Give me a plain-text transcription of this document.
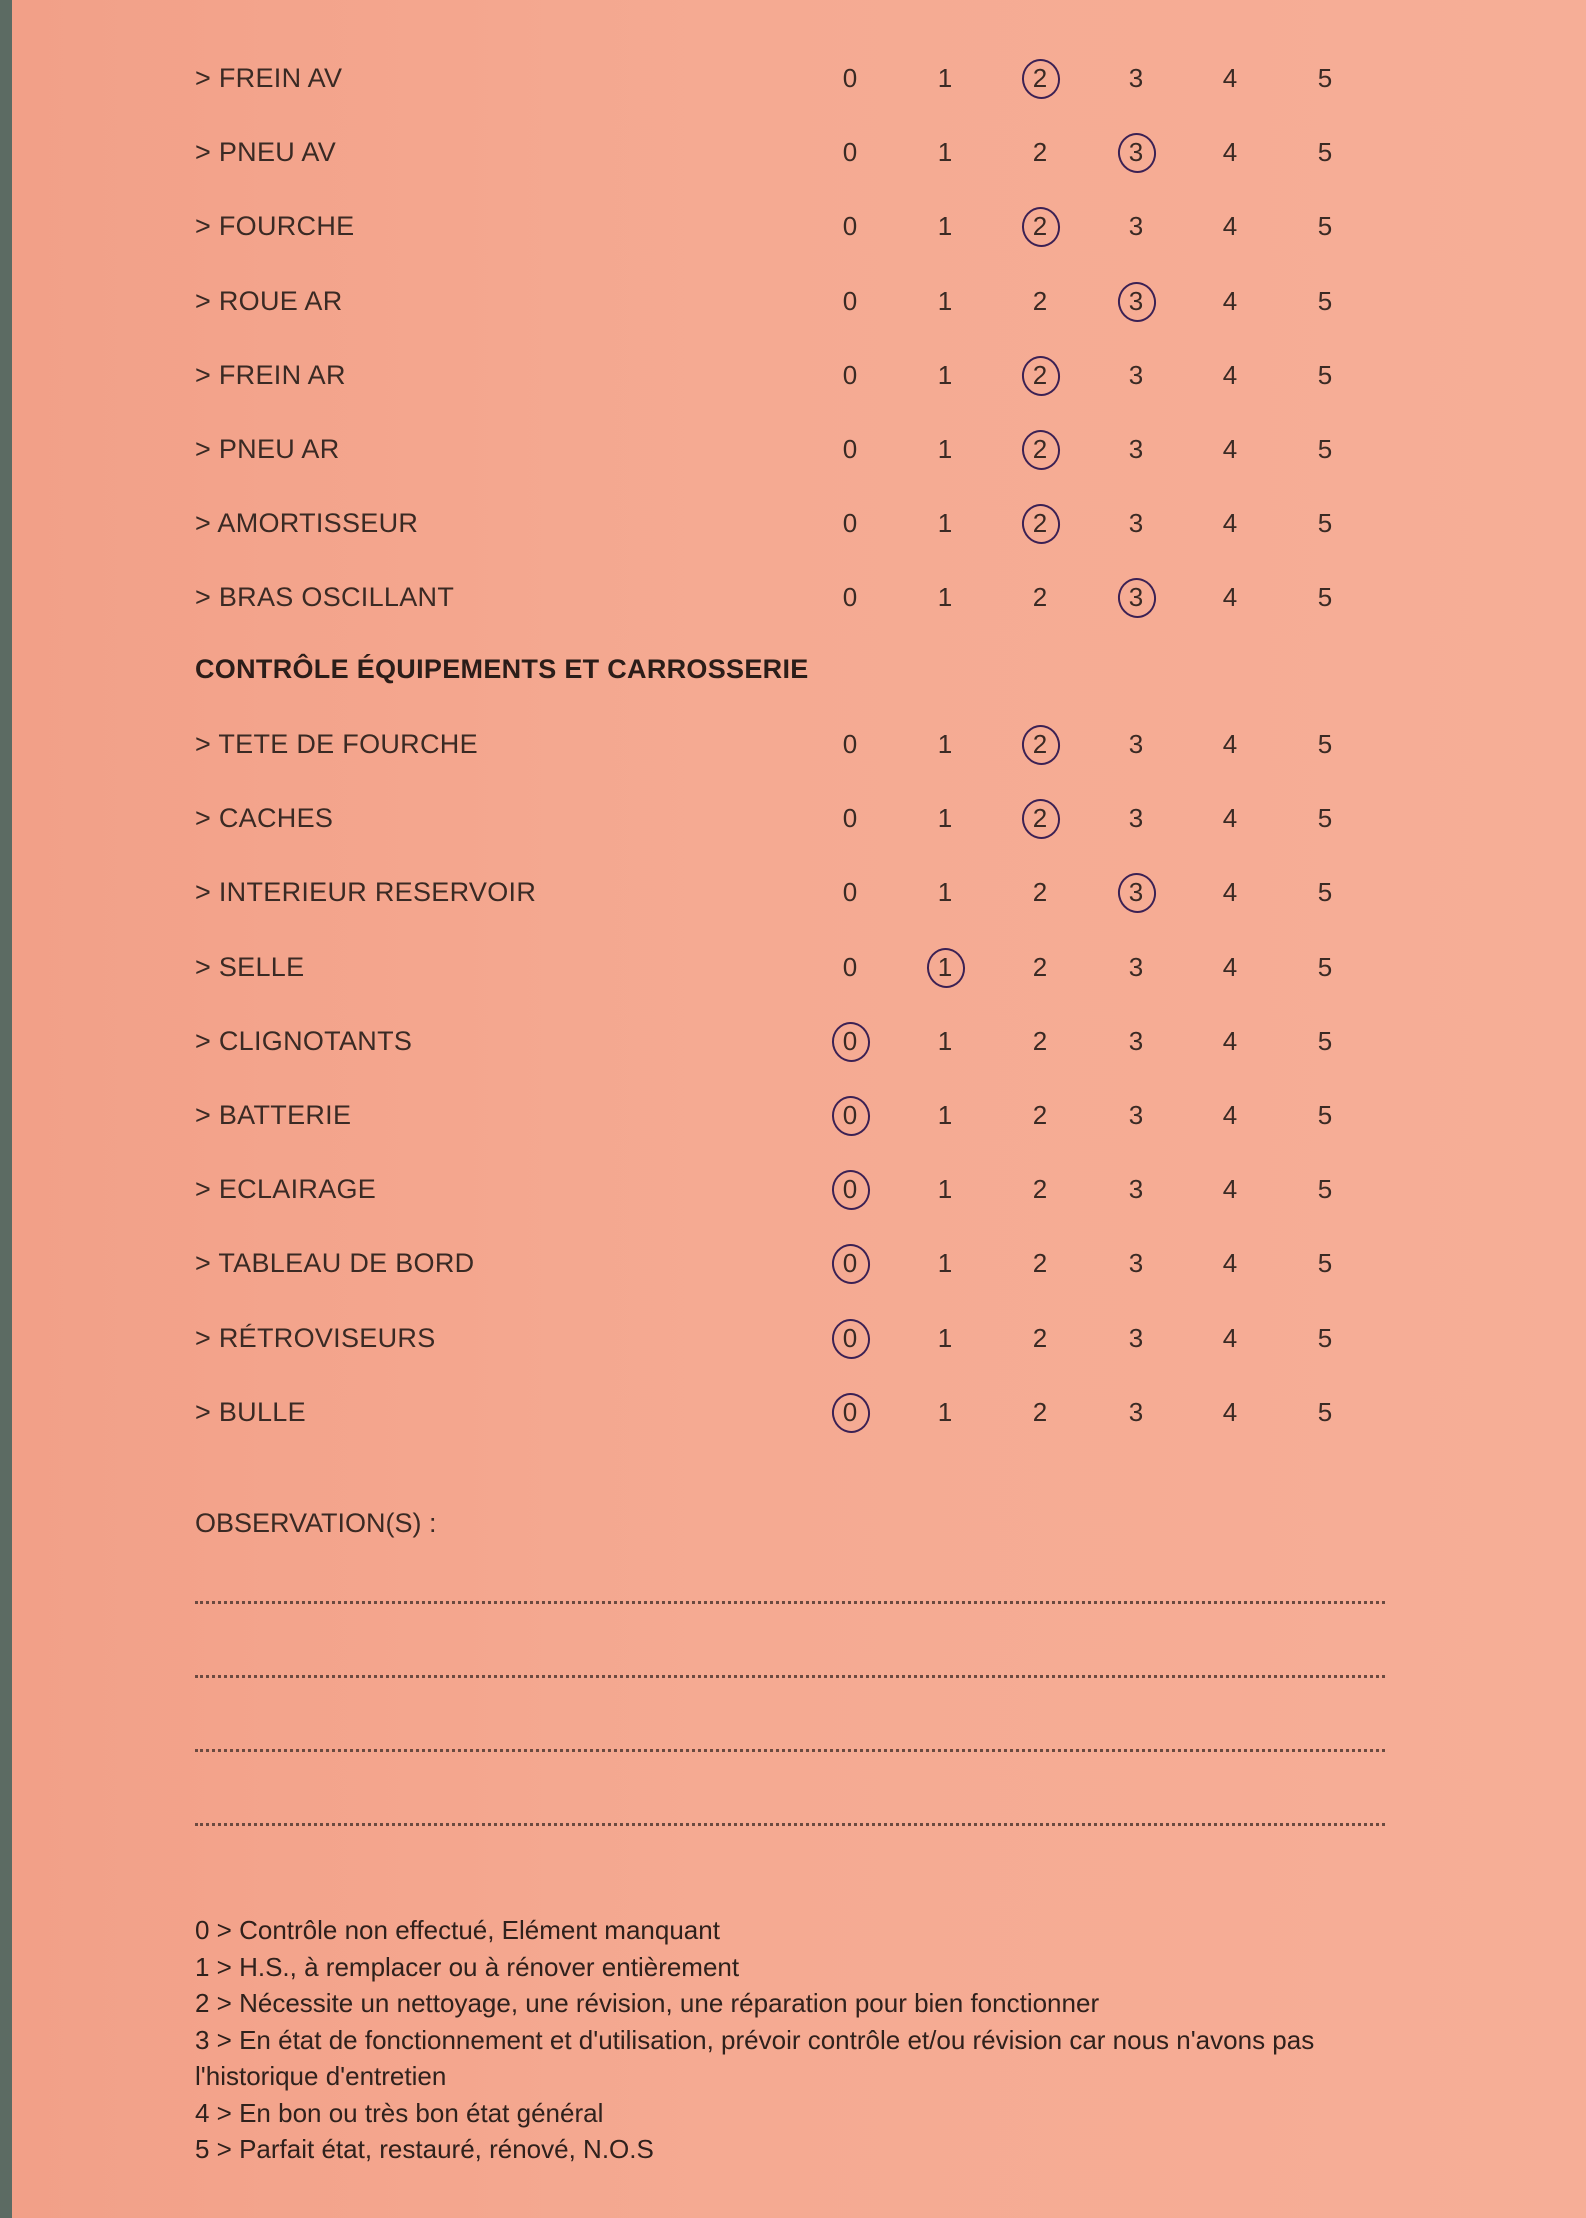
> FREIN AV	0	1	2	3	4	5
> PNEU AV	0	1	2	3	4	5
> FOURCHE	0	1	2	3	4	5
> ROUE AR	0	1	2	3	4	5
> FREIN AR	0	1	2	3	4	5
> PNEU AR	0	1	2	3	4	5
> AMORTISSEUR	0	1	2	3	4	5
> BRAS OSCILLANT	0	1	2	3	4	5
CONTRÔLE ÉQUIPEMENTS ET CARROSSERIE
> TETE DE FOURCHE	0	1	2	3	4	5
> CACHES	0	1	2	3	4	5
> INTERIEUR RESERVOIR	0	1	2	3	4	5
> SELLE	0	1	2	3	4	5
> CLIGNOTANTS	0	1	2	3	4	5
> BATTERIE	0	1	2	3	4	5
> ECLAIRAGE	0	1	2	3	4	5
> TABLEAU DE BORD	0	1	2	3	4	5
> RÉTROVISEURS	0	1	2	3	4	5
> BULLE	0	1	2	3	4	5
OBSERVATION(S) :
0 > Contrôle non effectué, Elément manquant
1 > H.S., à remplacer ou à rénover entièrement
2 > Nécessite un nettoyage, une révision, une réparation pour bien fonctionner
3 > En état de fonctionnement et d'utilisation, prévoir contrôle et/ou révision car nous n'avons pas l'historique d'entretien
4 > En bon ou très bon état général
5 > Parfait état, restauré, rénové, N.O.S
